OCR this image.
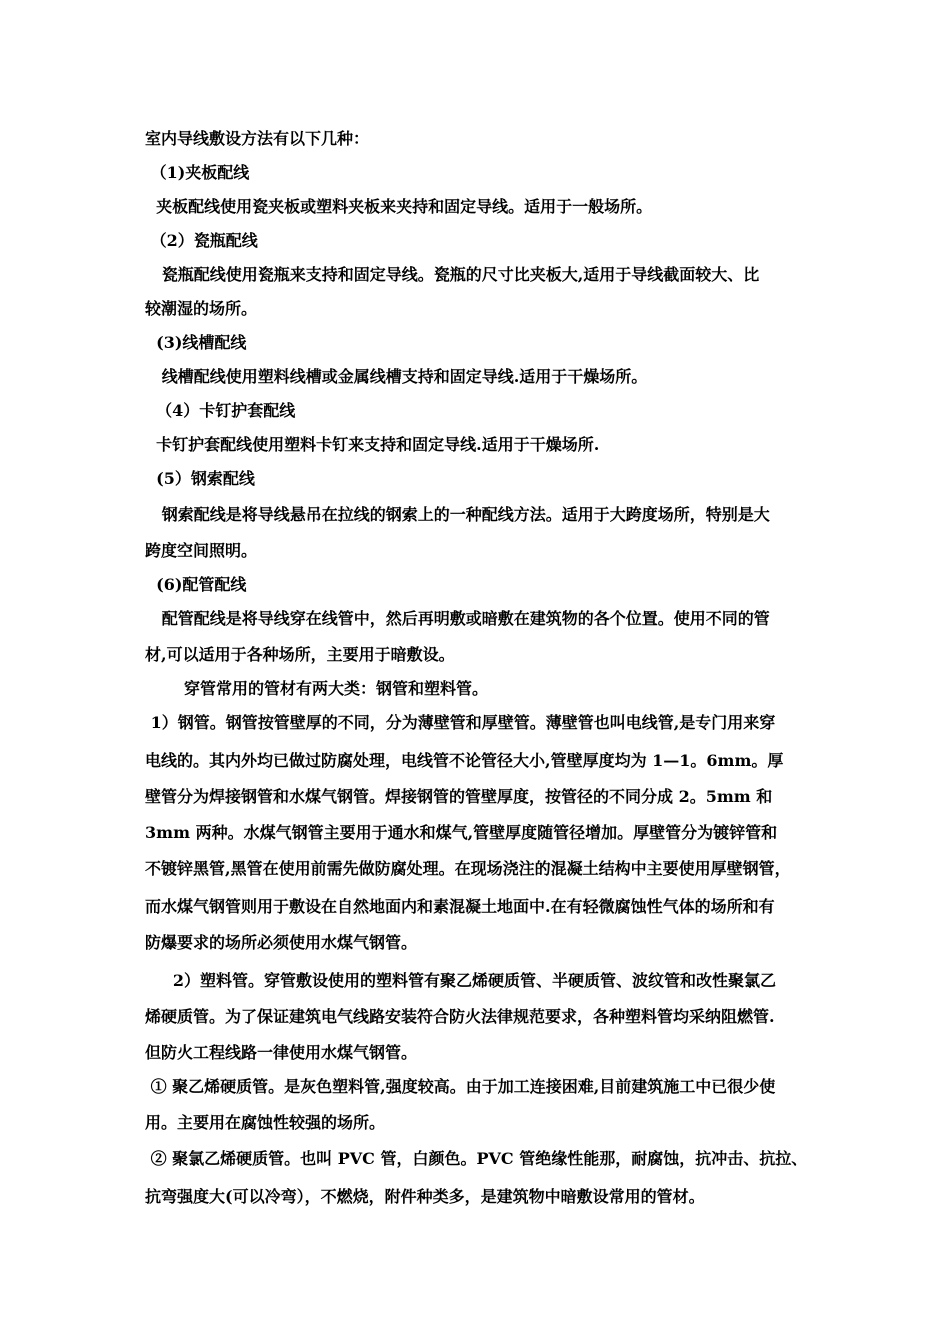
室内导线敷设方法有以下几种：
（1)夹板配线
夹板配线使用瓷夹板或塑料夹板来夹持和固定导线。适用于一般场所。
（2）瓷瓶配线
瓷瓶配线使用瓷瓶来支持和固定导线。瓷瓶的尺寸比夹板大,适用于导线截面较大、比
较潮湿的场所。
(3)线槽配线
线槽配线使用塑料线槽或金属线槽支持和固定导线.适用于干燥场所。
（4）卡钉护套配线
卡钉护套配线使用塑料卡钉来支持和固定导线.适用于干燥场所.
(5）钢索配线
钢索配线是将导线悬吊在拉线的钢索上的一种配线方法。适用于大跨度场所，特别是大
跨度空间照明。
(6)配管配线
配管配线是将导线穿在线管中，然后再明敷或暗敷在建筑物的各个位置。使用不同的管
材,可以适用于各种场所，主要用于暗敷设。
穿管常用的管材有两大类：钢管和塑料管。
1）钢管。钢管按管壁厚的不同，分为薄壁管和厚壁管。薄壁管也叫电线管,是专门用来穿
电线的。其内外均已做过防腐处理，电线管不论管径大小,管壁厚度均为 1—1。6mm。厚
壁管分为焊接钢管和水煤气钢管。焊接钢管的管壁厚度，按管径的不同分成 2。5mm 和
3mm 两种。水煤气钢管主要用于通水和煤气,管壁厚度随管径增加。厚壁管分为镀锌管和
不镀锌黑管,黑管在使用前需先做防腐处理。在现场浇注的混凝土结构中主要使用厚壁钢管，
而水煤气钢管则用于敷设在自然地面内和素混凝土地面中.在有轻微腐蚀性气体的场所和有
防爆要求的场所必须使用水煤气钢管。
2）塑料管。穿管敷设使用的塑料管有聚乙烯硬质管、半硬质管、波纹管和改性聚氯乙
烯硬质管。为了保证建筑电气线路安装符合防火法律规范要求，各种塑料管均采纳阻燃管.
但防火工程线路一律使用水煤气钢管。
① 聚乙烯硬质管。是灰色塑料管,强度较高。由于加工连接困难,目前建筑施工中已很少使
用。主要用在腐蚀性较强的场所。
② 聚氯乙烯硬质管。也叫 PVC 管，白颜色。PVC 管绝缘性能那，耐腐蚀，抗冲击、抗拉、
抗弯强度大(可以冷弯），不燃烧，附件种类多，是建筑物中暗敷设常用的管材。
